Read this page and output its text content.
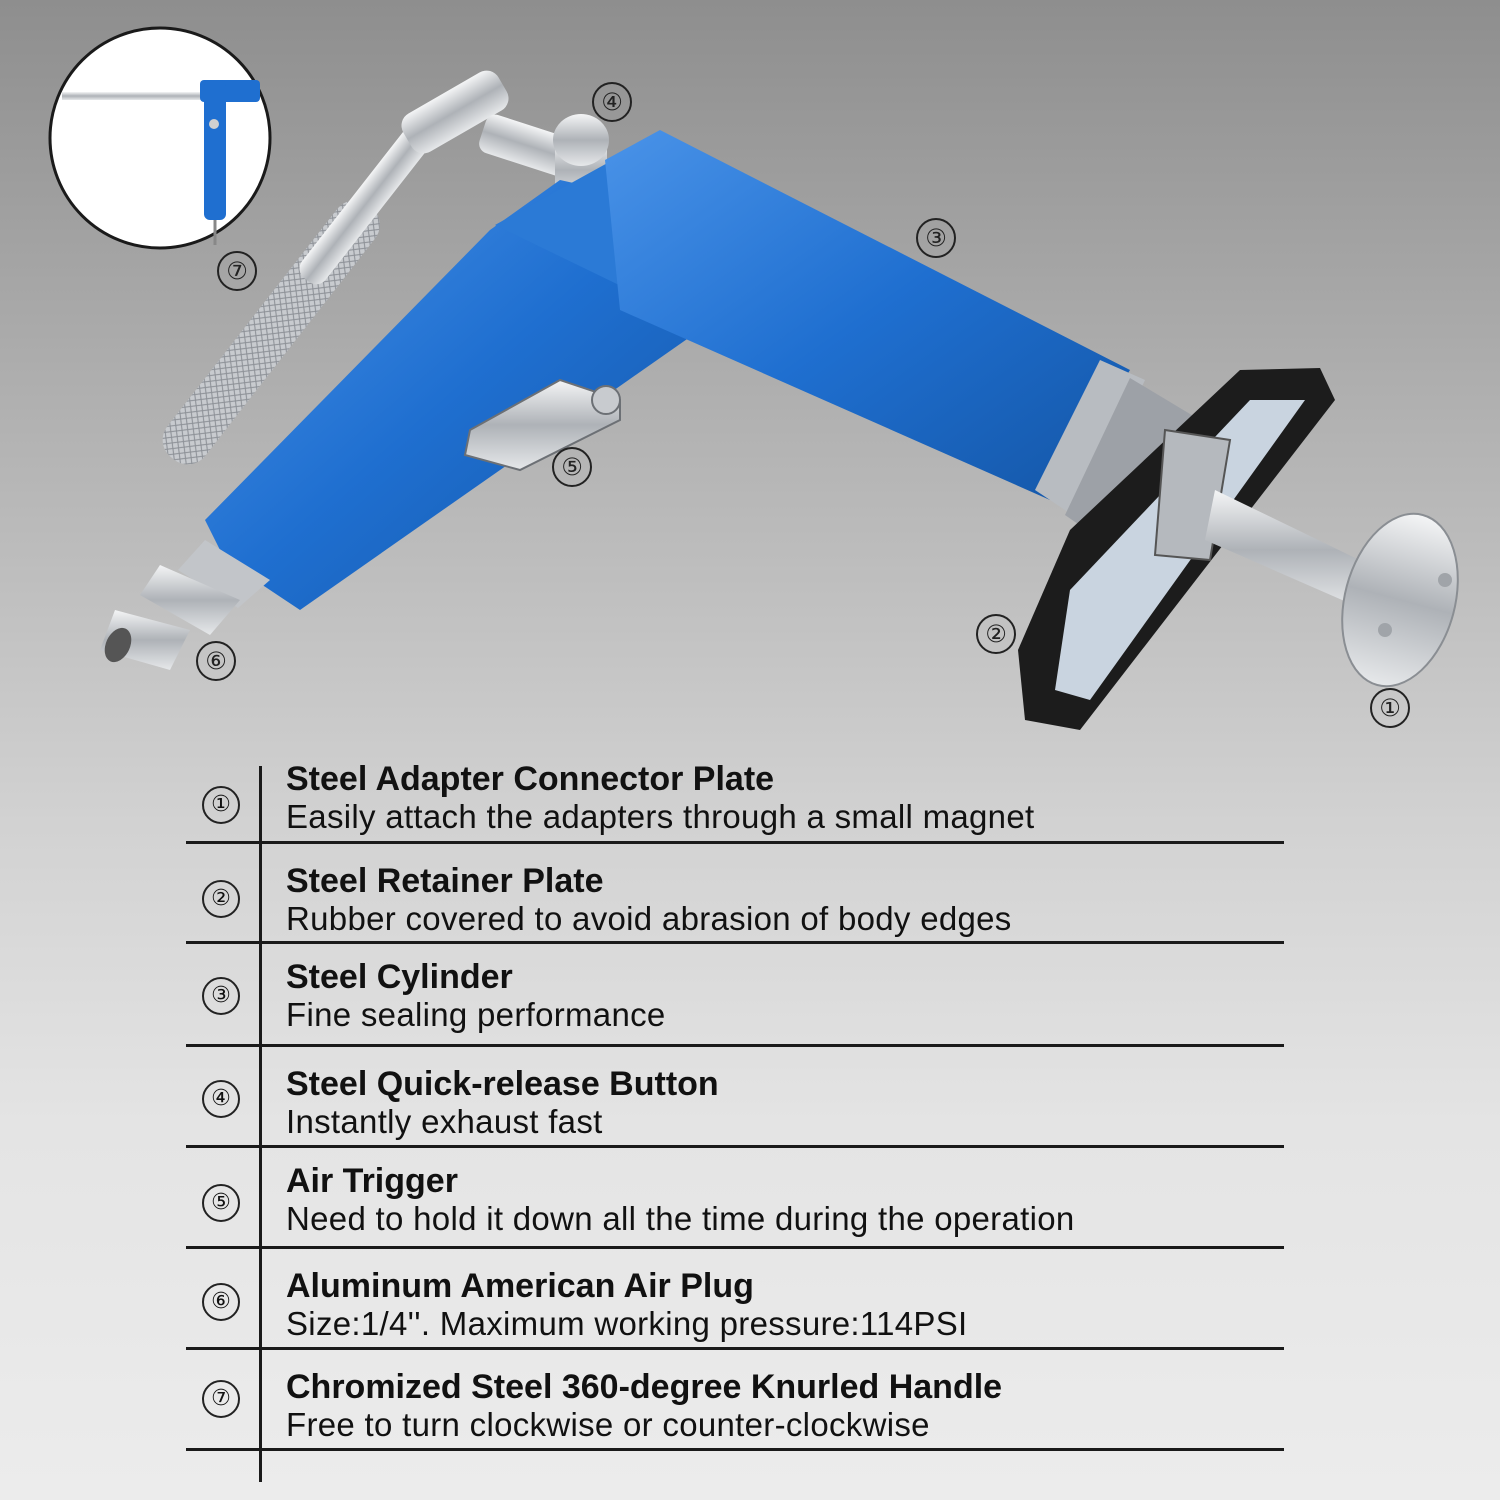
①
②
③
④
⑤
⑥
⑦
①
Steel Adapter Connector Plate
Easily attach the adapters through a small magnet
② Steel Retainer Plate
Rubber covered to avoid abrasion of body edges
③ Steel Cylinder
Fine sealing performance
④ Steel Quick-release Button
Instantly exhaust fast
⑤
Air Trigger
Need to hold it down all the time during the operation
⑥ Aluminum American Air Plug
Size:1/4''. Maximum working pressure:114PSI
⑦ Chromized Steel 360-degree Knurled Handle
Free to turn clockwise or counter-clockwise
